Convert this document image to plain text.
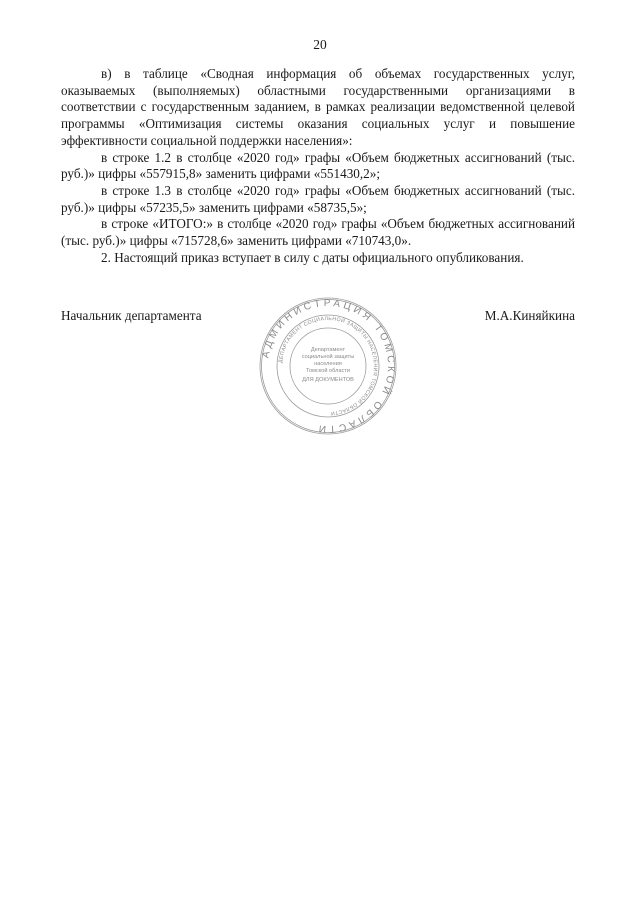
20

в) в таблице «Сводная информация об объемах государственных услуг, оказываемых (выполняемых) областными государственными организациями в соответствии с государственным заданием, в рамках реализации ведомственной целевой программы «Оптимизация системы оказания социальных услуг и повышение эффективности социальной поддержки населения»:

в строке 1.2 в столбце «2020 год» графы «Объем бюджетных ассигнований (тыс. руб.)» цифры «557915,8» заменить цифрами «551430,2»;

в строке 1.3 в столбце «2020 год» графы «Объем бюджетных ассигнований (тыс. руб.)» цифры «57235,5» заменить цифрами «58735,5»;

в строке «ИТОГО:» в столбце «2020 год» графы «Объем бюджетных ассигнований (тыс. руб.)» цифры «715728,6» заменить цифрами «710743,0».

2. Настоящий приказ вступает в силу с даты официального опубликования.

Начальник департамента	М.А.Киняйкина
АДМИНИСТРАЦИЯ ТОМСКОЙ ОБЛАСТИ
ДЕПАРТАМЕНТ СОЦИАЛЬНОЙ ЗАЩИТЫ НАСЕЛЕНИЯ ТОМСКОЙ ОБЛАСТИ
Департамент
социальной защиты
населения
Томской области
ДЛЯ ДОКУМЕНТОВ
